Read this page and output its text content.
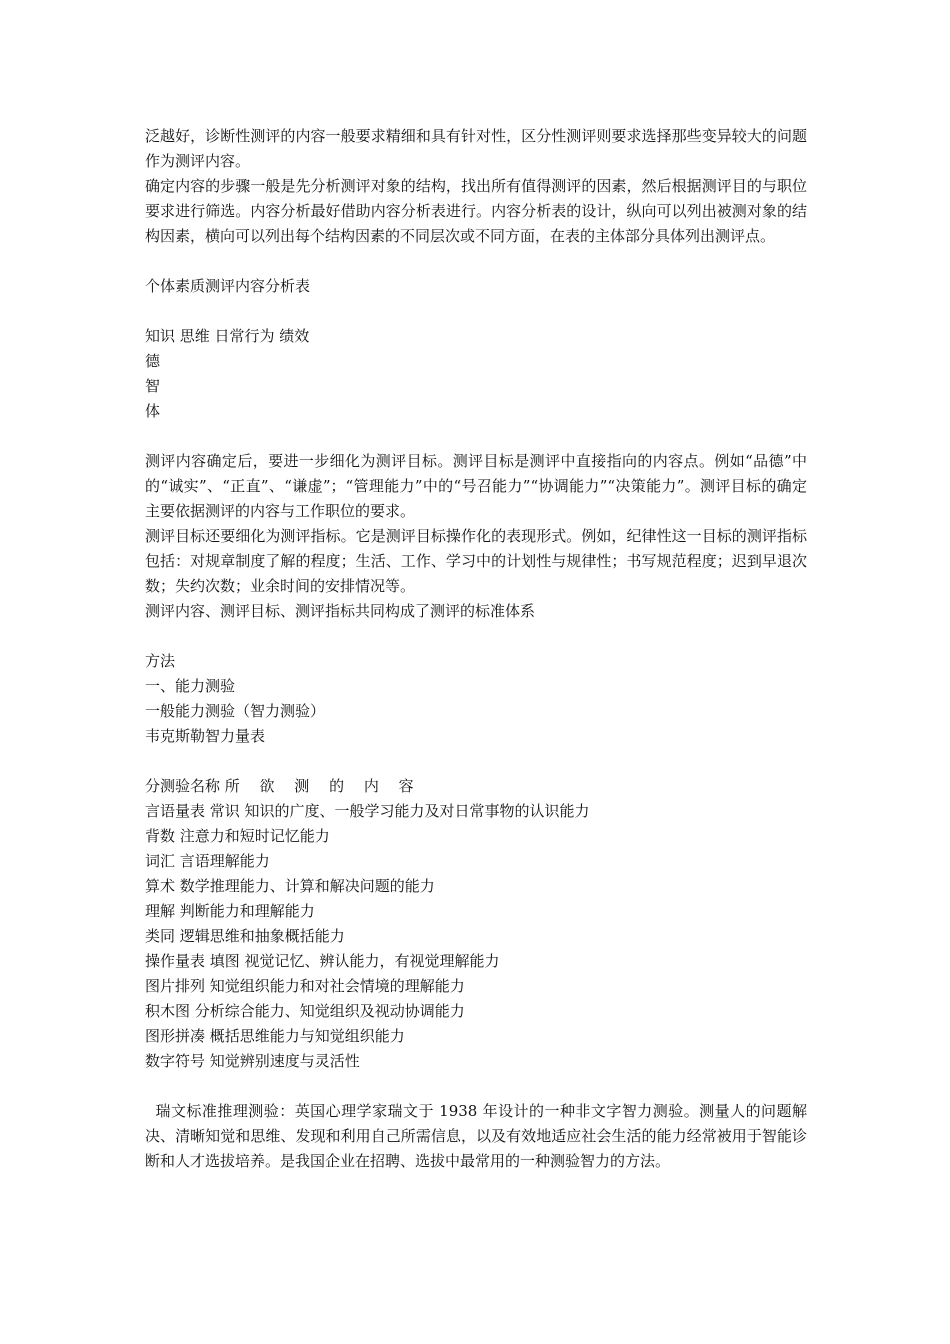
泛越好，诊断性测评的内容一般要求精细和具有针对性，区分性测评则要求选择那些变异较大的问题作为测评内容。

确定内容的步骤一般是先分析测评对象的结构，找出所有值得测评的因素，然后根据测评目的与职位要求进行筛选。内容分析最好借助内容分析表进行。内容分析表的设计，纵向可以列出被测对象的结构因素，横向可以列出每个结构因素的不同层次或不同方面，在表的主体部分具体列出测评点。

个体素质测评内容分析表
知识 思维 日常行为 绩效
德
智
体

测评内容确定后，要进一步细化为测评目标。测评目标是测评中直接指向的内容点。例如“品德”中的“诚实”、“正直”、“谦虚”；“管理能力”中的“号召能力”“协调能力”“决策能力”。测评目标的确定主要依据测评的内容与工作职位的要求。

测评目标还要细化为测评指标。它是测评目标操作化的表现形式。例如，纪律性这一目标的测评指标包括：对规章制度了解的程度；生活、工作、学习中的计划性与规律性；书写规范程度；迟到早退次数；失约次数；业余时间的安排情况等。

测评内容、测评目标、测评指标共同构成了测评的标准体系

方法
一、能力测验
一般能力测验（智力测验）
韦克斯勒智力量表
分测验名称 所　 欲　 测　 的　 内　 容
言语量表 常识 知识的广度、一般学习能力及对日常事物的认识能力
背数 注意力和短时记忆能力
词汇 言语理解能力
算术 数学推理能力、计算和解决问题的能力
理解 判断能力和理解能力
类同 逻辑思维和抽象概括能力
操作量表 填图 视觉记忆、辨认能力，有视觉理解能力
图片排列 知觉组织能力和对社会情境的理解能力
积木图 分析综合能力、知觉组织及视动协调能力
图形拼凑 概括思维能力与知觉组织能力
数字符号 知觉辨别速度与灵活性

瑞文标准推理测验：英国心理学家瑞文于 1938 年设计的一种非文字智力测验。测量人的问题解决、清晰知觉和思维、发现和利用自己所需信息，以及有效地适应社会生活的能力经常被用于智能诊断和人才选拔培养。是我国企业在招聘、选拔中最常用的一种测验智力的方法。
